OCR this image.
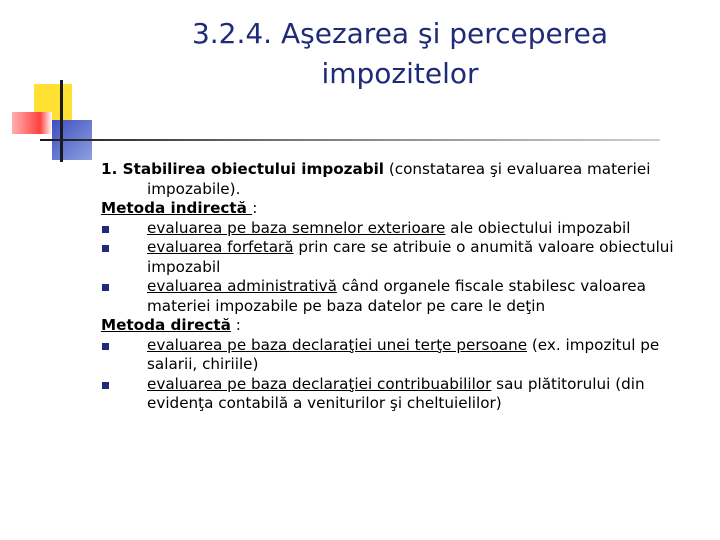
3.2.4. Aşezarea şi perceperea
impozitelor

1. Stabilirea obiectului impozabil (constatarea şi evaluarea materiei impozabile).

Metoda indirectă :

evaluarea pe baza semnelor exterioare ale obiectului impozabil
evaluarea forfetară prin care se atribuie o anumită valoare obiectului impozabil
evaluarea administrativă când organele fiscale stabilesc valoarea materiei impozabile pe baza datelor pe care le deţin

Metoda directă :

evaluarea pe baza declaraţiei unei terţe persoane (ex. impozitul pe salarii, chiriile)
evaluarea pe baza declaraţiei contribuabililor sau plătitorului (din evidenţa contabilă a veniturilor şi cheltuielilor)
